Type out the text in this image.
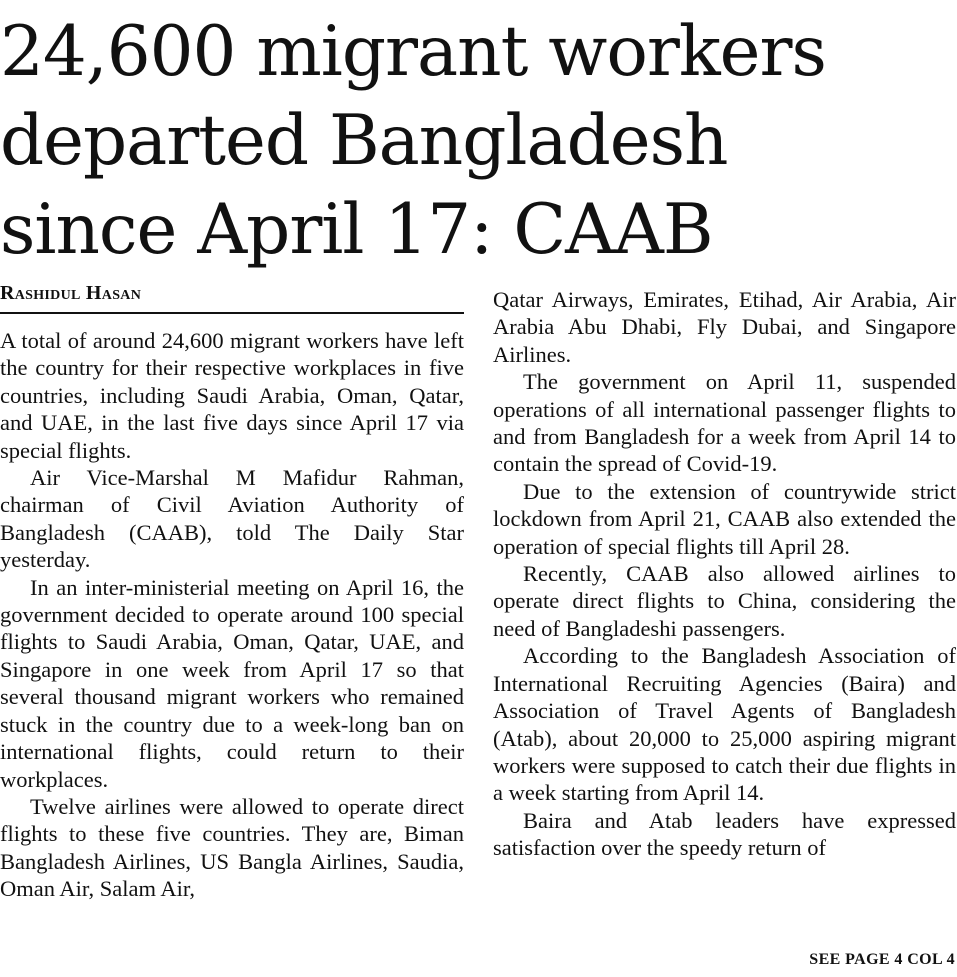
24,600 migrant workers
departed Bangladesh
since April 17: CAAB
Rashidul Hasan

A total of around 24,600 migrant workers have left the country for their respective workplaces in five countries, including Saudi Arabia, Oman, Qatar, and UAE, in the last five days since April 17 via special flights.

Air Vice-Marshal M Mafidur Rahman, chairman of Civil Aviation Authority of Bangladesh (CAAB), told The Daily Star yesterday.

In an inter-ministerial meeting on April 16, the government decided to operate around 100 special flights to Saudi Arabia, Oman, Qatar, UAE, and Singapore in one week from April 17 so that several thousand migrant workers who remained stuck in the country due to a week-long ban on international flights, could return to their workplaces.

Twelve airlines were allowed to operate direct flights to these five countries. They are, Biman Bangladesh Airlines, US Bangla Airlines, Saudia, Oman Air, Salam Air,

Qatar Airways, Emirates, Etihad, Air Arabia, Air Arabia Abu Dhabi, Fly Dubai, and Singapore Airlines.

The government on April 11, suspended operations of all international passenger flights to and from Bangladesh for a week from April 14 to contain the spread of Covid-19.

Due to the extension of countrywide strict lockdown from April 21, CAAB also extended the operation of special flights till April 28.

Recently, CAAB also allowed airlines to operate direct flights to China, considering the need of Bangladeshi passengers.

According to the Bangladesh Association of International Recruiting Agencies (Baira) and Association of Travel Agents of Bangladesh (Atab), about 20,000 to 25,000 aspiring migrant workers were supposed to catch their due flights in a week starting from April 14.

Baira and Atab leaders have expressed satisfaction over the speedy return of

SEE PAGE 4 COL 4
